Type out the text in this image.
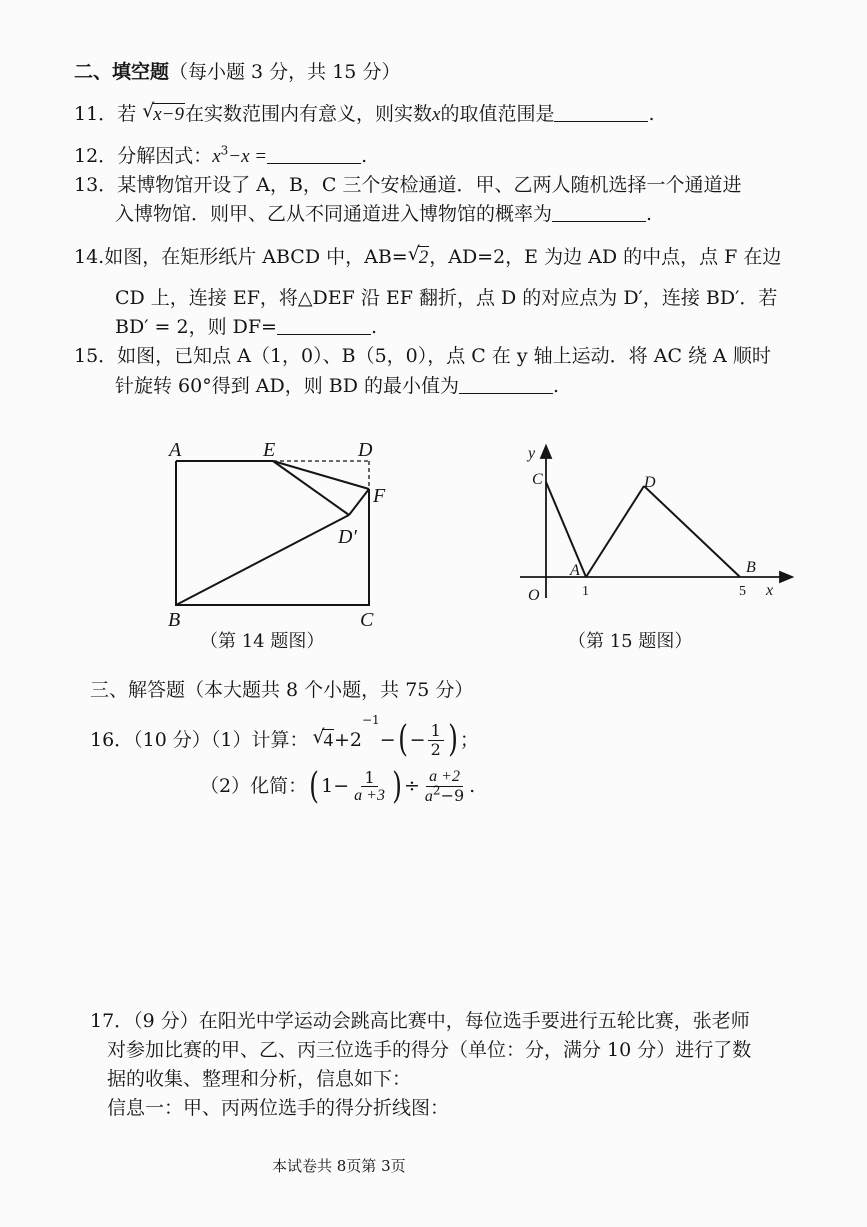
二、填空题（每小题 3 分，共 15 分）
11．若 √
x−9在实数范围内有意义，则实数x的取值范围是	.
12．分解因式：$x^3-x$ =	.
13．某博物馆开设了 A，B，C 三个安检通道．甲、乙两人随机选择一个通道进
入博物馆．则甲、乙从不同通道进入博物馆的概率为	.
14.如图，在矩形纸片 ABCD 中，AB= √
2，AD=2，E 为边 AD 的中点，点 F 在边
CD 上，连接 EF，将△DEF 沿 EF 翻折，点 D 的对应点为 D′，连接 BD′．若
BD′ = 2，则 DF=	.
15．如图，已知点 A（1，0）、B（5，0），点 C 在 y 轴上运动．将 AC 绕 A 顺时
针旋转 60°得到 AD，则 BD 的最小值为	.
A	E	D
F
D′
B	C
（第 14 题图）
y
C	D
A	B
O	x
1	5
（第 15 题图）
三、解答题（本大题共 8 个小题，共 75 分）
16．（10 分）（1）计算： √
4 +2
−1
− ( − $\frac{1}{2}$ ) ；
（2）化简： ( $1- \frac{1}{a +3}$ ) ÷ $\frac{a +2}{a^2-9}$ .
17．（9 分）在阳光中学运动会跳高比赛中，每位选手要进行五轮比赛，张老师
对参加比赛的甲、乙、丙三位选手的得分（单位：分，满分 10 分）进行了数
据的收集、整理和分析，信息如下：
信息一：甲、丙两位选手的得分折线图：
本试卷共 8页第 3页
